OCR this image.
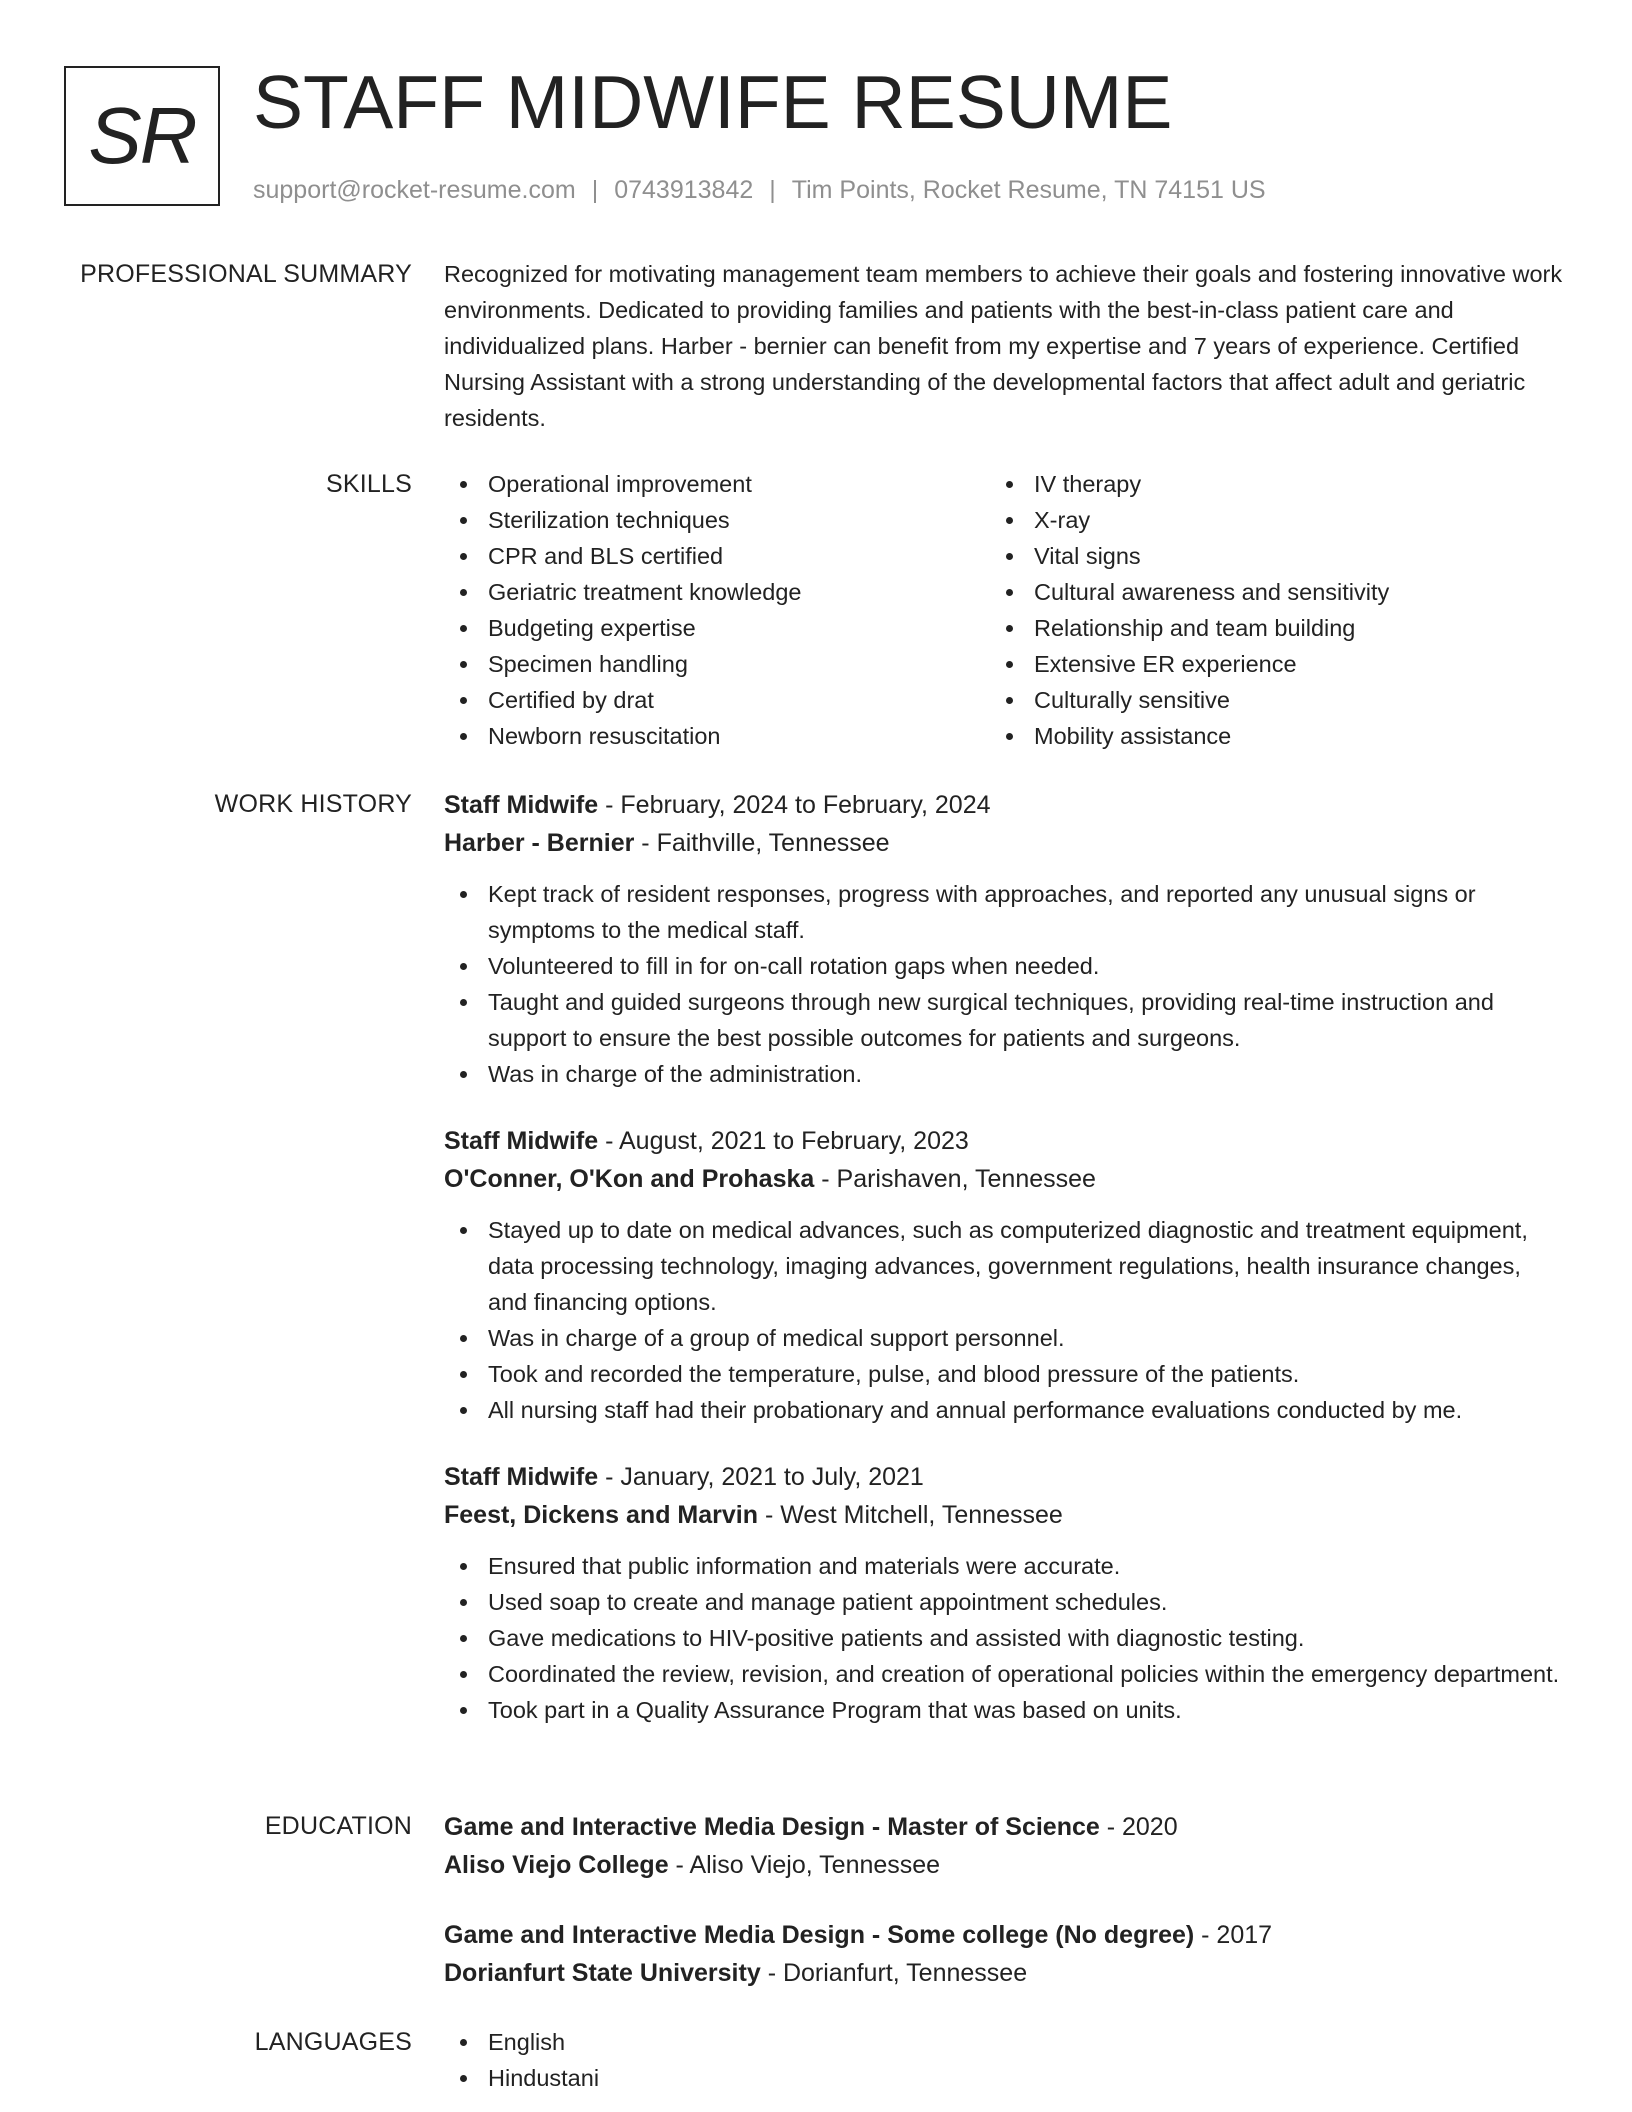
SR STAFF MIDWIFE RESUME
support@rocket-resume.com | 0743913842 | Tim Points, Rocket Resume, TN 74151 US
PROFESSIONAL SUMMARY Recognized for motivating management team members to achieve their goals and fostering innovative work environments. Dedicated to providing families and patients with the best-in-class patient care and individualized plans. Harber - bernier can benefit from my expertise and 7 years of experience. Certified Nursing Assistant with a strong understanding of the developmental factors that affect adult and geriatric residents.

SKILLS	Operational improvement
Sterilization techniques
CPR and BLS certified
Geriatric treatment knowledge
Budgeting expertise
Specimen handling
Certified by drat
Newborn resuscitation
IV therapy
X-ray
Vital signs
Cultural awareness and sensitivity
Relationship and team building
Extensive ER experience
Culturally sensitive
Mobility assistance
WORK HISTORY Staff Midwife - February, 2024 to February, 2024
Harber - Bernier - Faithville, Tennessee
Kept track of resident responses, progress with approaches, and reported any unusual signs or symptoms to the medical staff.
Volunteered to fill in for on-call rotation gaps when needed.
Taught and guided surgeons through new surgical techniques, providing real-time instruction and support to ensure the best possible outcomes for patients and surgeons.
Was in charge of the administration.
Staff Midwife - August, 2021 to February, 2023
O'Conner, O'Kon and Prohaska - Parishaven, Tennessee
Stayed up to date on medical advances, such as computerized diagnostic and treatment equipment, data processing technology, imaging advances, government regulations, health insurance changes, and financing options.
Was in charge of a group of medical support personnel.
Took and recorded the temperature, pulse, and blood pressure of the patients.
All nursing staff had their probationary and annual performance evaluations conducted by me.
Staff Midwife - January, 2021 to July, 2021
Feest, Dickens and Marvin - West Mitchell, Tennessee
Ensured that public information and materials were accurate.
Used soap to create and manage patient appointment schedules.
Gave medications to HIV-positive patients and assisted with diagnostic testing.
Coordinated the review, revision, and creation of operational policies within the emergency department.
Took part in a Quality Assurance Program that was based on units.
EDUCATION Game and Interactive Media Design - Master of Science - 2020
Aliso Viejo College - Aliso Viejo, Tennessee
Game and Interactive Media Design - Some college (No degree) - 2017
Dorianfurt State University - Dorianfurt, Tennessee
LANGUAGES	English
Hindustani
